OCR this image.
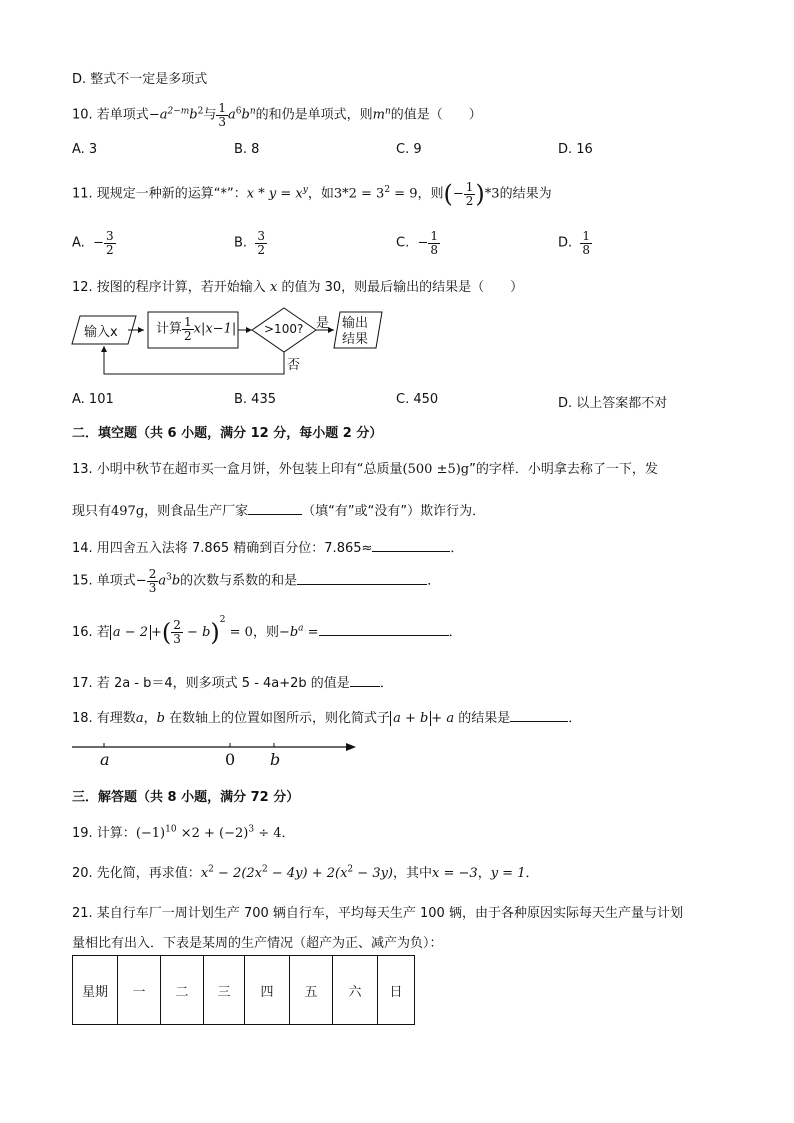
D. 整式不一定是多项式
10. 若单项式$-a^{2-m}b^2$与 $\frac{1}{3} a^6b^n$的和仍是单项式，则$m^n$的值是（　　）
A. 3	B. 8	C. 9	D. 16
11. 现规定一种新的运算“*”：$x * y = x^y$，如$3*2 = 3^2 = 9$，则(− $\frac{1}{2} )*3$的结果为
A. − $\frac{3}{2}$	B. $\frac{3}{2}$	C. − $\frac{1}{8}$	D. $\frac{1}{8}$
12. 按图的程序计算，若开始输入 x 的值为 30，则最后输出的结果是（　　）
输入x	计算 $\frac{1}{2} x|x-1| >100$? 是
否
输出
结果
A. 101	B. 435	C. 450	D. 以上答案都不对
二．填空题（共 6 小题，满分 12 分，每小题 2 分）
13. 小明中秋节在超市买一盒月饼，外包装上印有“总质量(500 ±5)g”的字样．小明拿去称了一下，发
现只有497g，则食品生产厂家	（填“有”或“没有”）欺诈行为．
14. 用四舍五入法将 7.865 精确到百分位：7.865≈	．
15. 单项式− $\frac{2}{3} a^3b$的次数与系数的和是	．
16. 若 a − 2 +( $\frac{2}{3} - b)^2 = 0$，则$-b^a$ =	．
17. 若 2a - b＝4，则多项式 5 - 4a+2b 的值是 ．
18. 有理数a，b 在数轴上的位置如图所示，则化简式子 a + b + a 的结果是	．
a	0 b
三．解答题（共 8 小题，满分 72 分）
19. 计算：$(-1)^{10} \times 2 + (-2)^3 \div 4$．
20. 先化简，再求值：$x^2 - 2(2x^2 - 4y) + 2(x^2 - 3y)$，其中x = −3，y = 1．
21. 某自行车厂一周计划生产 700 辆自行车，平均每天生产 100 辆，由于各种原因实际每天生产量与计划
量相比有出入．下表是某周的生产情况（超产为正、减产为负）：
星期	一	二	三	四	五	六	日
